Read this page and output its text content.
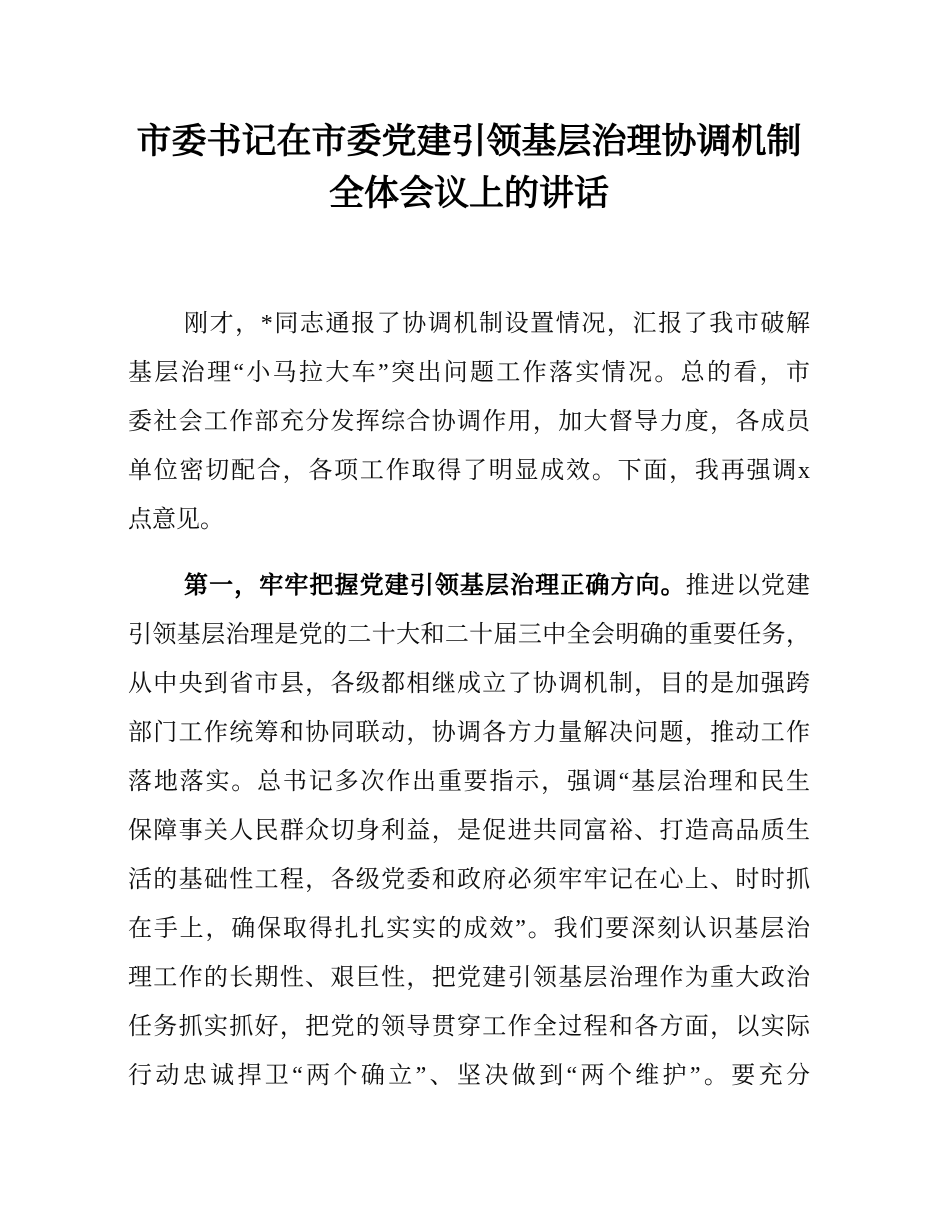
市委书记在市委党建引领基层治理协调机制
全体会议上的讲话
刚才，*同志通报了协调机制设置情况，汇报了我市破解
基层治理“小马拉大车”突出问题工作落实情况。总的看，市
委社会工作部充分发挥综合协调作用，加大督导力度，各成员
单位密切配合，各项工作取得了明显成效。下面，我再强调x
点意见。
第一，牢牢把握党建引领基层治理正确方向。推进以党建
引领基层治理是党的二十大和二十届三中全会明确的重要任务，
从中央到省市县，各级都相继成立了协调机制，目的是加强跨
部门工作统筹和协同联动，协调各方力量解决问题，推动工作
落地落实。总书记多次作出重要指示，强调“基层治理和民生
保障事关人民群众切身利益，是促进共同富裕、打造高品质生
活的基础性工程，各级党委和政府必须牢牢记在心上、时时抓
在手上，确保取得扎扎实实的成效”。我们要深刻认识基层治
理工作的长期性、艰巨性，把党建引领基层治理作为重大政治
任务抓实抓好，把党的领导贯穿工作全过程和各方面，以实际
行动忠诚捍卫“两个确立”、坚决做到“两个维护”。要充分
